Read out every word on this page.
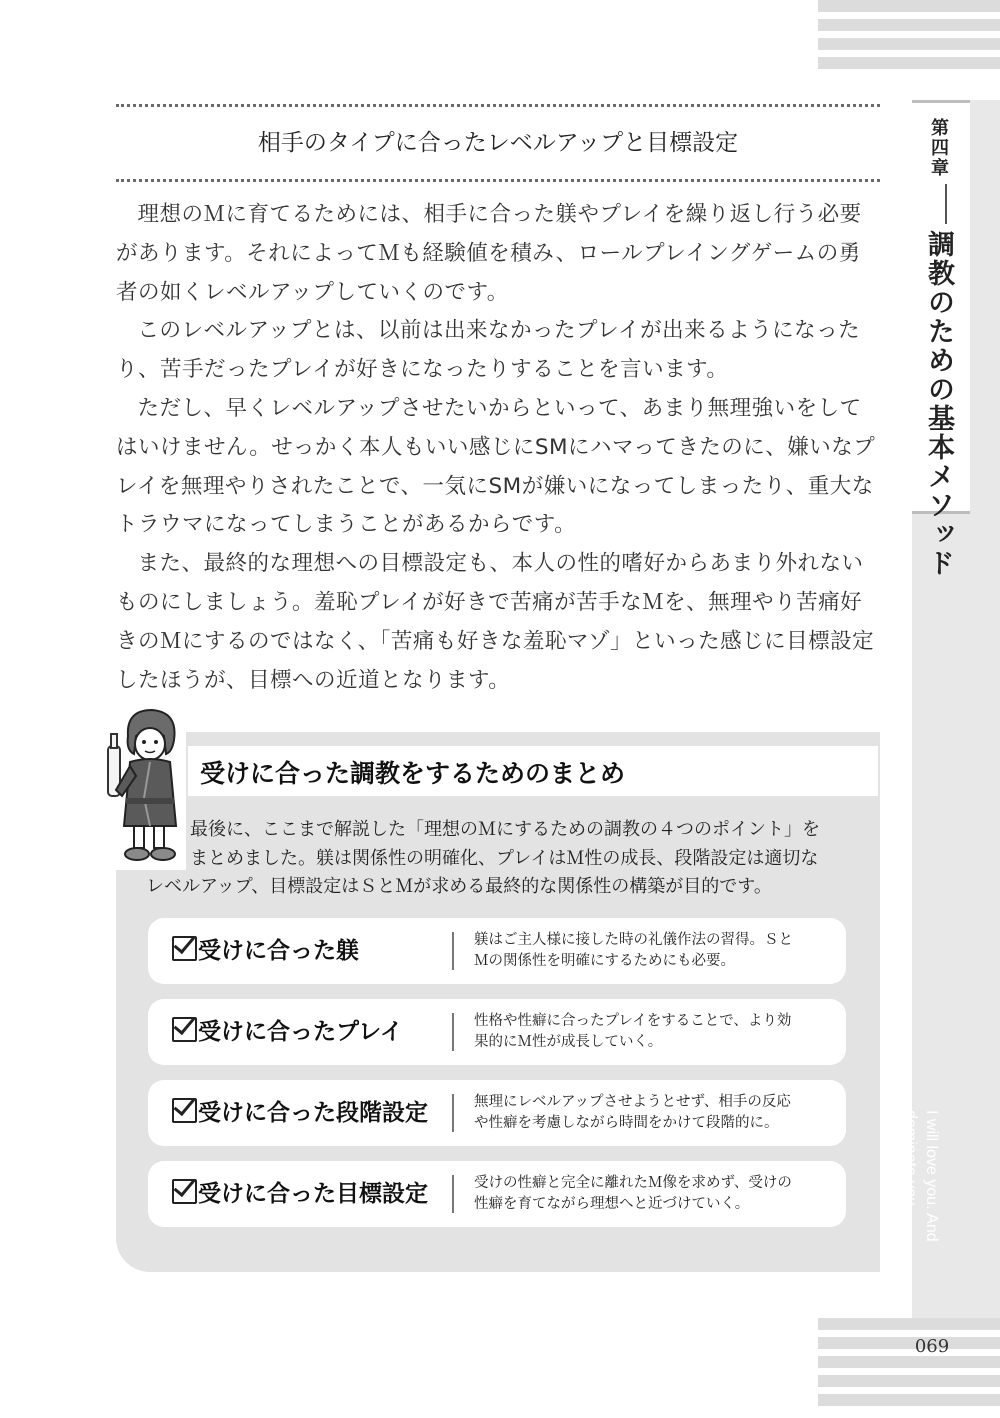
第四章調教のための基本メソッド
I will love you. And dominate you.
Guidebook of the Boys'
069
相手のタイプに合ったレベルアップと目標設定

理想のＭに育てるためには、相手に合った躾やプレイを繰り返し行う必要があります。それによってＭも経験値を積み、ロールプレイングゲームの勇者の如くレベルアップしていくのです。

このレベルアップとは、以前は出来なかったプレイが出来るようになったり、苦手だったプレイが好きになったりすることを言います。

ただし、早くレベルアップさせたいからといって、あまり無理強いをしてはいけません。せっかく本人もいい感じにSMにハマってきたのに、嫌いなプレイを無理やりされたことで、一気にSMが嫌いになってしまったり、重大なトラウマになってしまうことがあるからです。

また、最終的な理想への目標設定も、本人の性的嗜好からあまり外れないものにしましょう。羞恥プレイが好きで苦痛が苦手なＭを、無理やり苦痛好きのＭにするのではなく、「苦痛も好きな羞恥マゾ」といった感じに目標設定したほうが、目標への近道となります。

受けに合った調教をするためのまとめ
最後に、ここまで解説した「理想のＭにするための調教の４つのポイント」を
まとめました。躾は関係性の明確化、プレイはＭ性の成長、段階設定は適切な
レベルアップ、目標設定はＳとＭが求める最終的な関係性の構築が目的です。
受けに合った躾	躾はご主人様に接した時の礼儀作法の習得。Ｓと
Ｍの関係性を明確にするためにも必要。
受けに合ったプレイ	性格や性癖に合ったプレイをすることで、より効
果的にＭ性が成長していく。
受けに合った段階設定	無理にレベルアップさせようとせず、相手の反応
や性癖を考慮しながら時間をかけて段階的に。
受けに合った目標設定	受けの性癖と完全に離れたＭ像を求めず、受けの
性癖を育てながら理想へと近づけていく。
